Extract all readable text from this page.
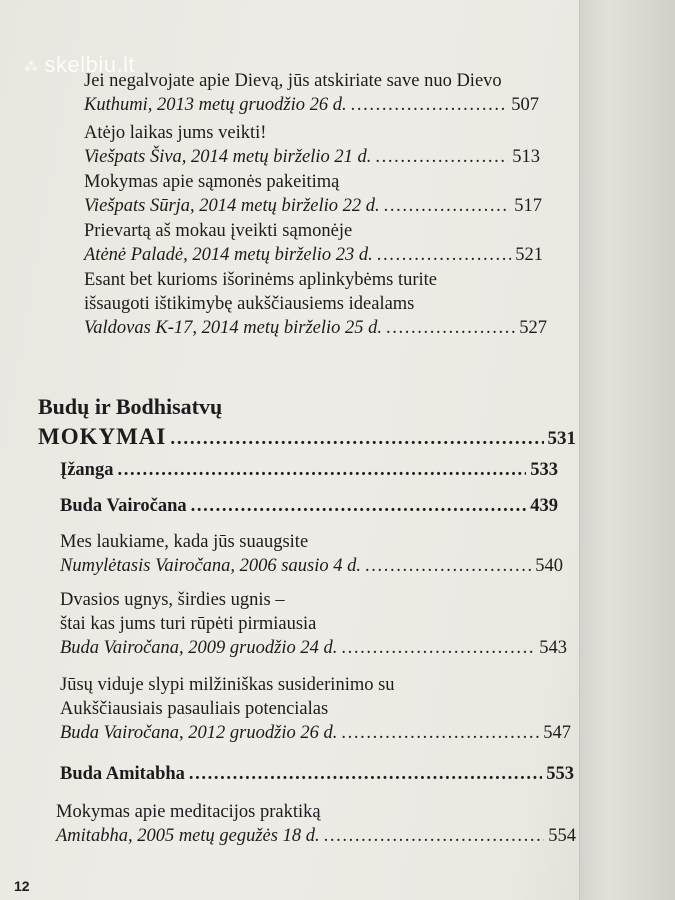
⁂ skelbiu.lt
Jei negalvojate apie Dievą, jūs atskiriate save nuo Dievo
Kuthumi, 2013 metų gruodžio 26 d. . . .	507
Atėjo laikas jums veikti!
Viešpats Šiva, 2014 metų birželio 21 d. . . .	513
Mokymas apie sąmonės pakeitimą
Viešpats Sūrja, 2014 metų birželio 22 d. . . .	517
Prievartą aš mokau įveikti sąmonėje
Atėnė Paladė, 2014 metų birželio 23 d. . . .	521
Esant bet kurioms išorinėms aplinkybėms turite
išsaugoti ištikimybę aukščiausiems idealams
Valdovas K-17, 2014 metų birželio 25 d. . . .	527
Budų ir Bodhisatvų
MOKYMAI . . .	531
Įžanga . . .	533
Buda Vairočana . . .	439
Mes laukiame, kada jūs suaugsite
Numylėtasis Vairočana, 2006 sausio 4 d. . . .	540
Dvasios ugnys, širdies ugnis –
štai kas jums turi rūpėti pirmiausia
Buda Vairočana, 2009 gruodžio 24 d. . . .	543
Jūsų viduje slypi milžiniškas susiderinimo su
Aukščiausiais pasauliais potencialas
Buda Vairočana, 2012 gruodžio 26 d. . . .	547
Buda Amitabha . . .	553
Mokymas apie meditacijos praktiką
Amitabha, 2005 metų gegužės 18 d. . . .	554
12
